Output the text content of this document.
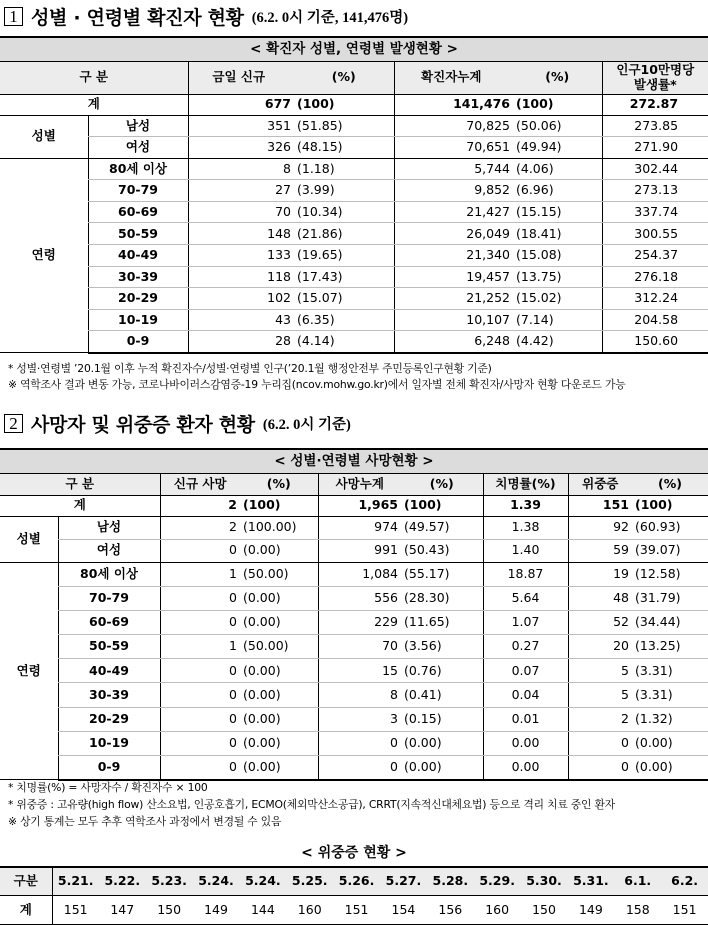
1 성별 · 연령별 확진자 현황 (6.2. 0시 기준, 141,476명)
< 확진자 성별, 연령별 발생현황 >						
구 분		금일 신규	(%)	확진자누계	(%)	인구10만명당
발생률*

계		677	(100)	141,476	(100)	272.87
성별	남성	351	(51.85)	70,825	(50.06)	273.85
	여성	326	(48.15)	70,651	(49.94)	271.90
연령	80세 이상	8	(1.18)	5,744	(4.06)	302.44
	70-79	27	(3.99)	9,852	(6.96)	273.13
	60-69	70	(10.34)	21,427	(15.15)	337.74
	50-59	148	(21.86)	26,049	(18.41)	300.55
	40-49	133	(19.65)	21,340	(15.08)	254.37
	30-39	118	(17.43)	19,457	(13.75)	276.18
	20-29	102	(15.07)	21,252	(15.02)	312.24
	10-19	43	(6.35)	10,107	(7.14)	204.58
	0-9	28	(4.14)	6,248	(4.42)	150.60
* 성별·연령별 ’20.1월 이후 누적 확진자수/성별·연령별 인구(’20.1월 행정안전부 주민등록인구현황 기준)
※ 역학조사 결과 변동 가능, 코로나바이러스감염증-19 누리집(ncov.mohw.go.kr)에서 일자별 전체 확진자/사망자 현황 다운로드 가능
2 사망자 및 위중증 환자 현황 (6.2. 0시 기준)
< 성별·연령별 사망현황 >								
구 분		신규 사망	(%)	사망누계	(%)	치명률(%)	위중증	(%)
계		2	(100)	1,965	(100)	1.39	151	(100)
성별	남성	2	(100.00)	974	(49.57)	1.38	92	(60.93)
	여성	0	(0.00)	991	(50.43)	1.40	59	(39.07)
연령	80세 이상	1	(50.00)	1,084	(55.17)	18.87	19	(12.58)
	70-79	0	(0.00)	556	(28.30)	5.64	48	(31.79)
	60-69	0	(0.00)	229	(11.65)	1.07	52	(34.44)
	50-59	1	(50.00)	70	(3.56)	0.27	20	(13.25)
	40-49	0	(0.00)	15	(0.76)	0.07	5	(3.31)
	30-39	0	(0.00)	8	(0.41)	0.04	5	(3.31)
	20-29	0	(0.00)	3	(0.15)	0.01	2	(1.32)
	10-19	0	(0.00)	0	(0.00)	0.00	0	(0.00)
	0-9	0	(0.00)	0	(0.00)	0.00	0	(0.00)
* 치명률(%) = 사망자수 / 확진자수 × 100
* 위중증 : 고유량(high flow) 산소요법, 인공호흡기, ECMO(체외막산소공급), CRRT(지속적신대체요법) 등으로 격리 치료 중인 환자
※ 상기 통계는 모두 추후 역학조사 과정에서 변경될 수 있음
< 위중증 현황 >
구분	5.21.	5.22.	5.23.	5.24.	5.24.	5.25.	5.26.	5.27.	5.28.	5.29.	5.30.	5.31.	6.1.	6.2.
계	151	147	150	149	144	160	151	154	156	160	150	149	158	151
